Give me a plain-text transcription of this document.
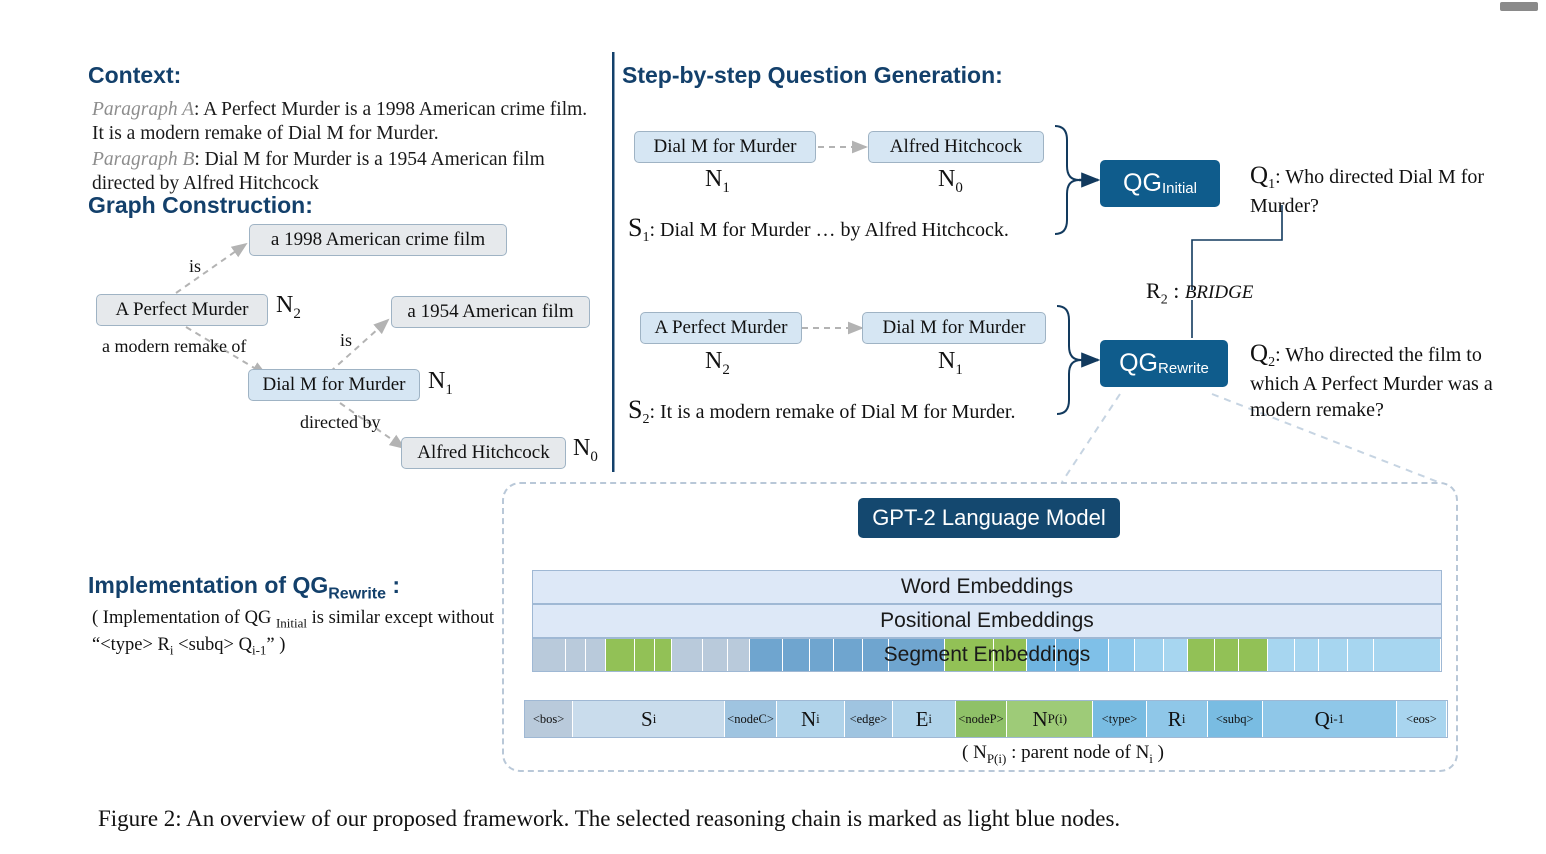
Context:
Paragraph A: A Perfect Murder is a 1998 American crime film. It is a modern remake of Dial M for Murder.
Paragraph B: Dial M for Murder is a 1954 American film directed by Alfred Hitchcock
Graph Construction:
a 1998 American crime film
A Perfect Murder	$N_2$	a 1954 American film
Dial M for Murder $N_1$
Alfred Hitchcock $N_0$
is
a modern remake of	is
directed by
Step-by-step Question Generation:
Dial M for Murder
$N_1$
Alfred Hitchcock
$N_0$
$S_1$: Dial M for Murder … by Alfred Hitchcock.
$QG_{Initial}$ $Q_1$: Who directed Dial M for Murder?
$R_2$ : BRIDGE
A Perfect Murder
$N_2$
Dial M for Murder
$N_1$
$S_2$: It is a modern remake of Dial M for Murder.
$QG_{Rewrite}$
$Q_2$: Who directed the film to which A Perfect Murder was a modern remake?
Implementation of $QG_{Rewrite}$ :
( Implementation of QG $_{Initial}$ is similar except without “<type> $R_i$ <subq> $Q_{i-1}$” )
GPT-2 Language Model
Word Embeddings
Positional Embeddings
Segment Embeddings
<bos>	S i	<nodeC> N i	<edge> E i <nodeP> N P(i)	<type>	R i	<subq>	Q i-1	<eos>
( $N_{P(i)}$ : parent node of $N_i$ )
Figure 2: An overview of our proposed framework. The selected reasoning chain is marked as light blue nodes.
